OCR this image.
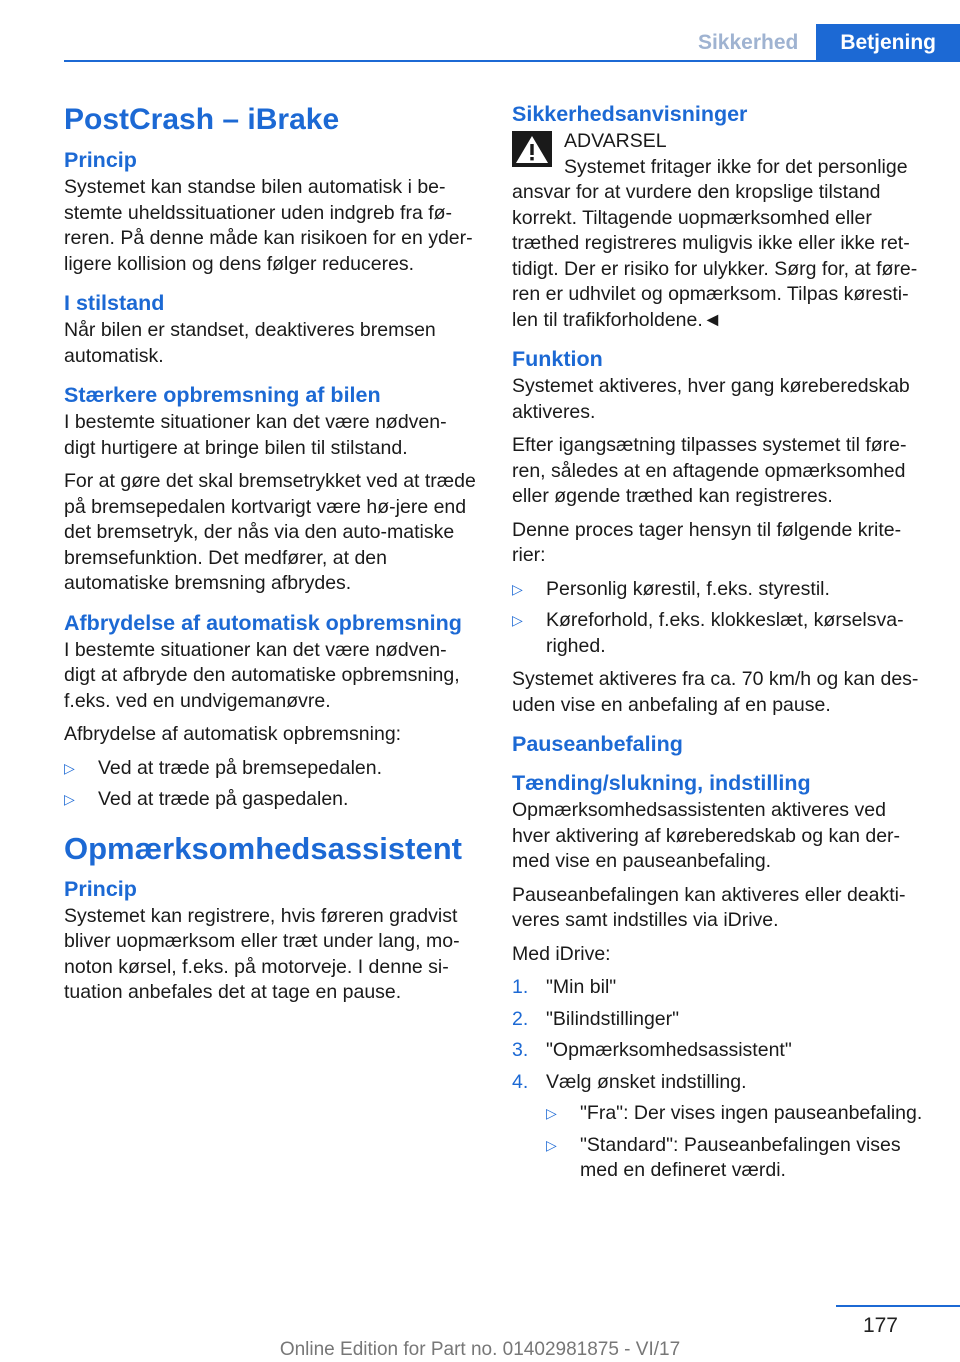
Sikkerhed	Betjening
PostCrash – iBrake
Princip

Systemet kan standse bilen automatisk i be-stemte uheldssituationer uden indgreb fra fø-reren. På denne måde kan risikoen for en yder-ligere kollision og dens følger reduceres.

I stilstand

Når bilen er standset, deaktiveres bremsen automatisk.

Stærkere opbremsning af bilen

I bestemte situationer kan det være nødven-digt hurtigere at bringe bilen til stilstand.

For at gøre det skal bremsetrykket ved at træde på bremsepedalen kortvarigt være hø-jere end det bremsetryk, der nås via den auto-matiske bremsefunktion. Det medfører, at den automatiske bremsning afbrydes.

Afbrydelse af automatisk opbremsning

I bestemte situationer kan det være nødven-digt at afbryde den automatiske opbremsning, f.eks. ved en undvigemanøvre.

Afbrydelse af automatisk opbremsning:

▷ Ved at træde på bremsepedalen.
▷ Ved at træde på gaspedalen.
Opmærksomhedsassistent
Princip

Systemet kan registrere, hvis føreren gradvist bliver uopmærksom eller træt under lang, mo-noton kørsel, f.eks. på motorveje. I denne si-tuation anbefales det at tage en pause.

Sikkerhedsanvisninger

ADVARSEL

Systemet fritager ikke for det personlige ansvar for at vurdere den kropslige tilstand korrekt. Tiltagende uopmærksomhed eller træthed registreres muligvis ikke eller ikke ret-tidigt. Der er risiko for ulykker. Sørg for, at føre-ren er udhvilet og opmærksom. Tilpas køresti-len til trafikforholdene.◄

Funktion

Systemet aktiveres, hver gang køreberedskab aktiveres.

Efter igangsætning tilpasses systemet til føre-ren, således at en aftagende opmærksomhed eller øgende træthed kan registreres.

Denne proces tager hensyn til følgende krite-rier:

▷ Personlig kørestil, f.eks. styrestil.
▷ Køreforhold, f.eks. klokkeslæt, kørselsva-righed.

Systemet aktiveres fra ca. 70 km/h og kan des-uden vise en anbefaling af en pause.

Pauseanbefaling
Tænding/slukning, indstilling

Opmærksomhedsassistenten aktiveres ved hver aktivering af køreberedskab og kan der-med vise en pauseanbefaling.

Pauseanbefalingen kan aktiveres eller deakti-veres samt indstilles via iDrive.

Med iDrive:

1. "Min bil"
2. "Bilindstillinger"
3. "Opmærksomhedsassistent"
4. Vælg ønsket indstilling.
▷ "Fra": Der vises ingen pauseanbefaling.
▷ "Standard": Pauseanbefalingen vises med en defineret værdi.
177
Online Edition for Part no. 01402981875 - VI/17
